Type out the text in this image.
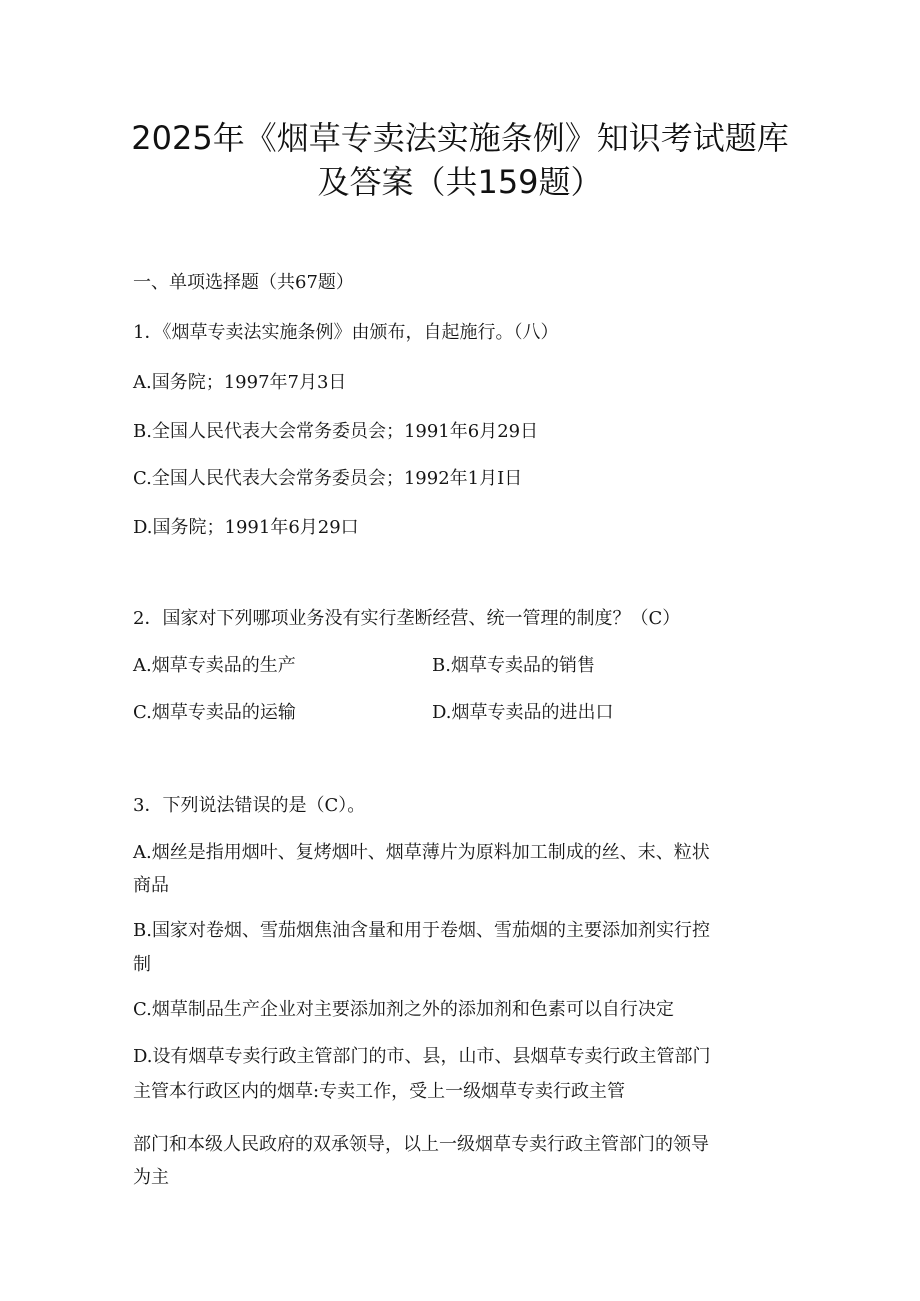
2025年《烟草专卖法实施条例》知识考试题库
及答案（共159题）
一、单项选择题（共67题）
1．《烟草专卖法实施条例》由颁布，自起施行。（八）
A.国务院；1997年7月3日
B.全国人民代表大会常务委员会；1991年6月29日
C.全国人民代表大会常务委员会；1992年1月I日
D.国务院；1991年6月29口
2．国家对下列哪项业务没有实行垄断经营、统一管理的制度？（C）
A.烟草专卖品的生产	B.烟草专卖品的销售
C.烟草专卖品的运输	D.烟草专卖品的进出口
3．下列说法错误的是（C）。
A.烟丝是指用烟叶、复烤烟叶、烟草薄片为原料加工制成的丝、末、粒状
商品
B.国家对卷烟、雪茄烟焦油含量和用于卷烟、雪茄烟的主要添加剂实行控
制
C.烟草制品生产企业对主要添加剂之外的添加剂和色素可以自行决定
D.设有烟草专卖行政主管部门的市、县，山市、县烟草专卖行政主管部门
主管本行政区内的烟草:专卖工作，受上一级烟草专卖行政主管
部门和本级人民政府的双承领导，以上一级烟草专卖行政主管部门的领导
为主
